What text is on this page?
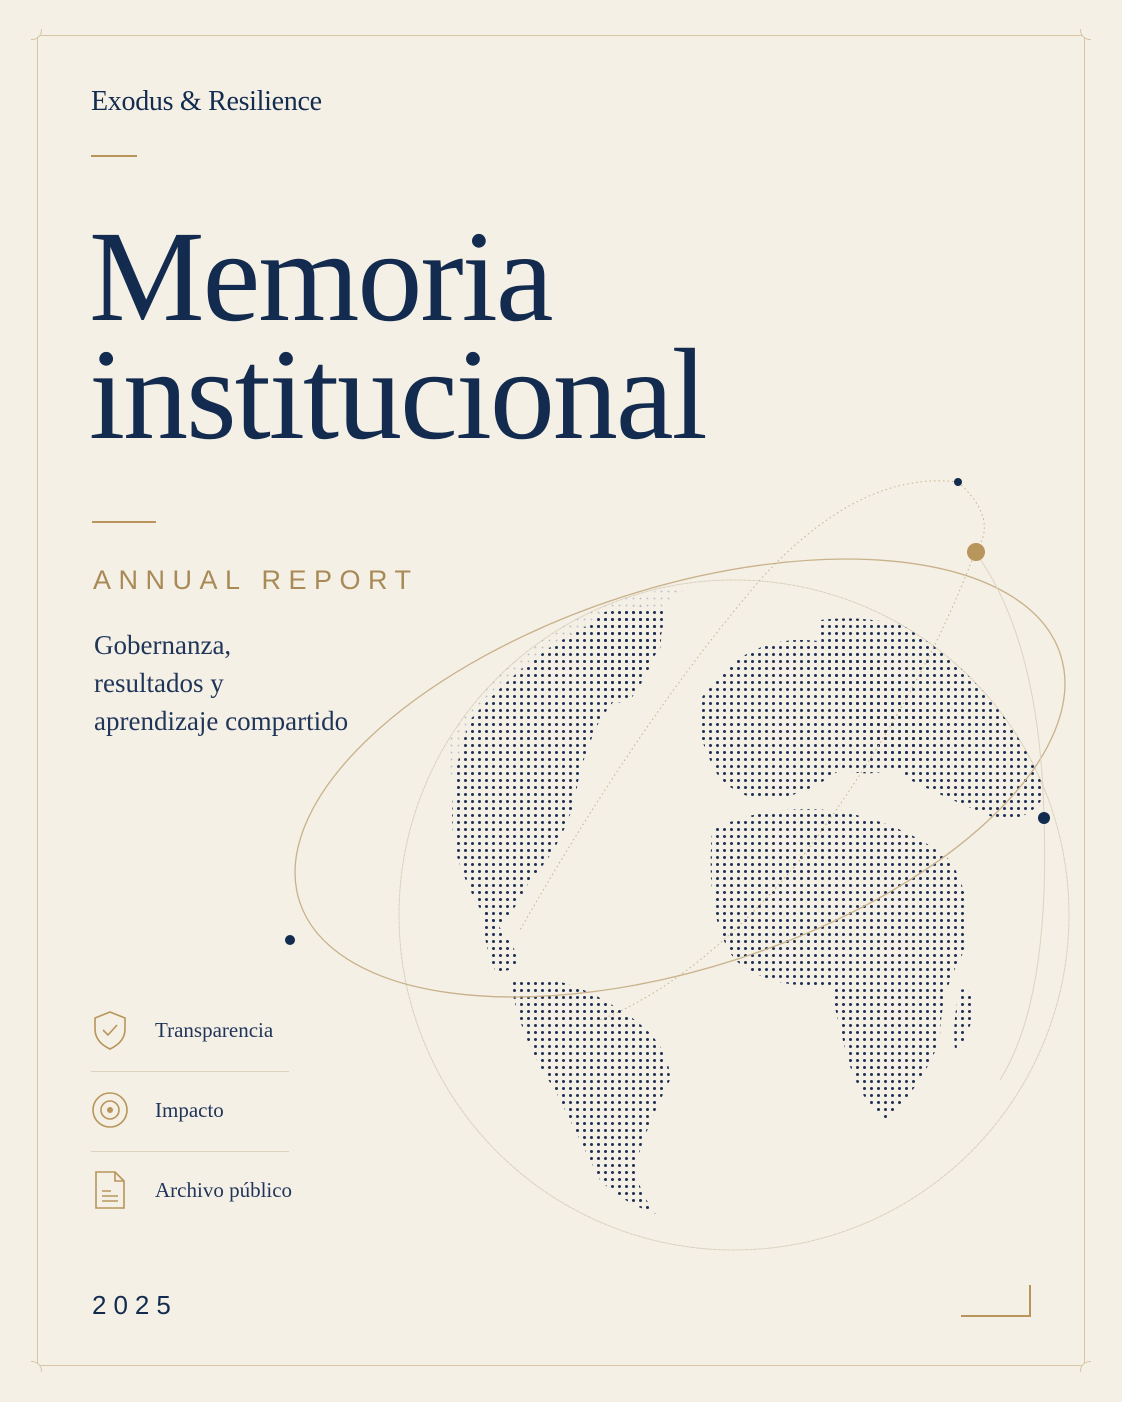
Exodus & Resilience
Memoria
institucional
ANNUAL REPORT
Gobernanza,
resultados y
aprendizaje compartido
Transparencia
Impacto
Archivo público
2025
